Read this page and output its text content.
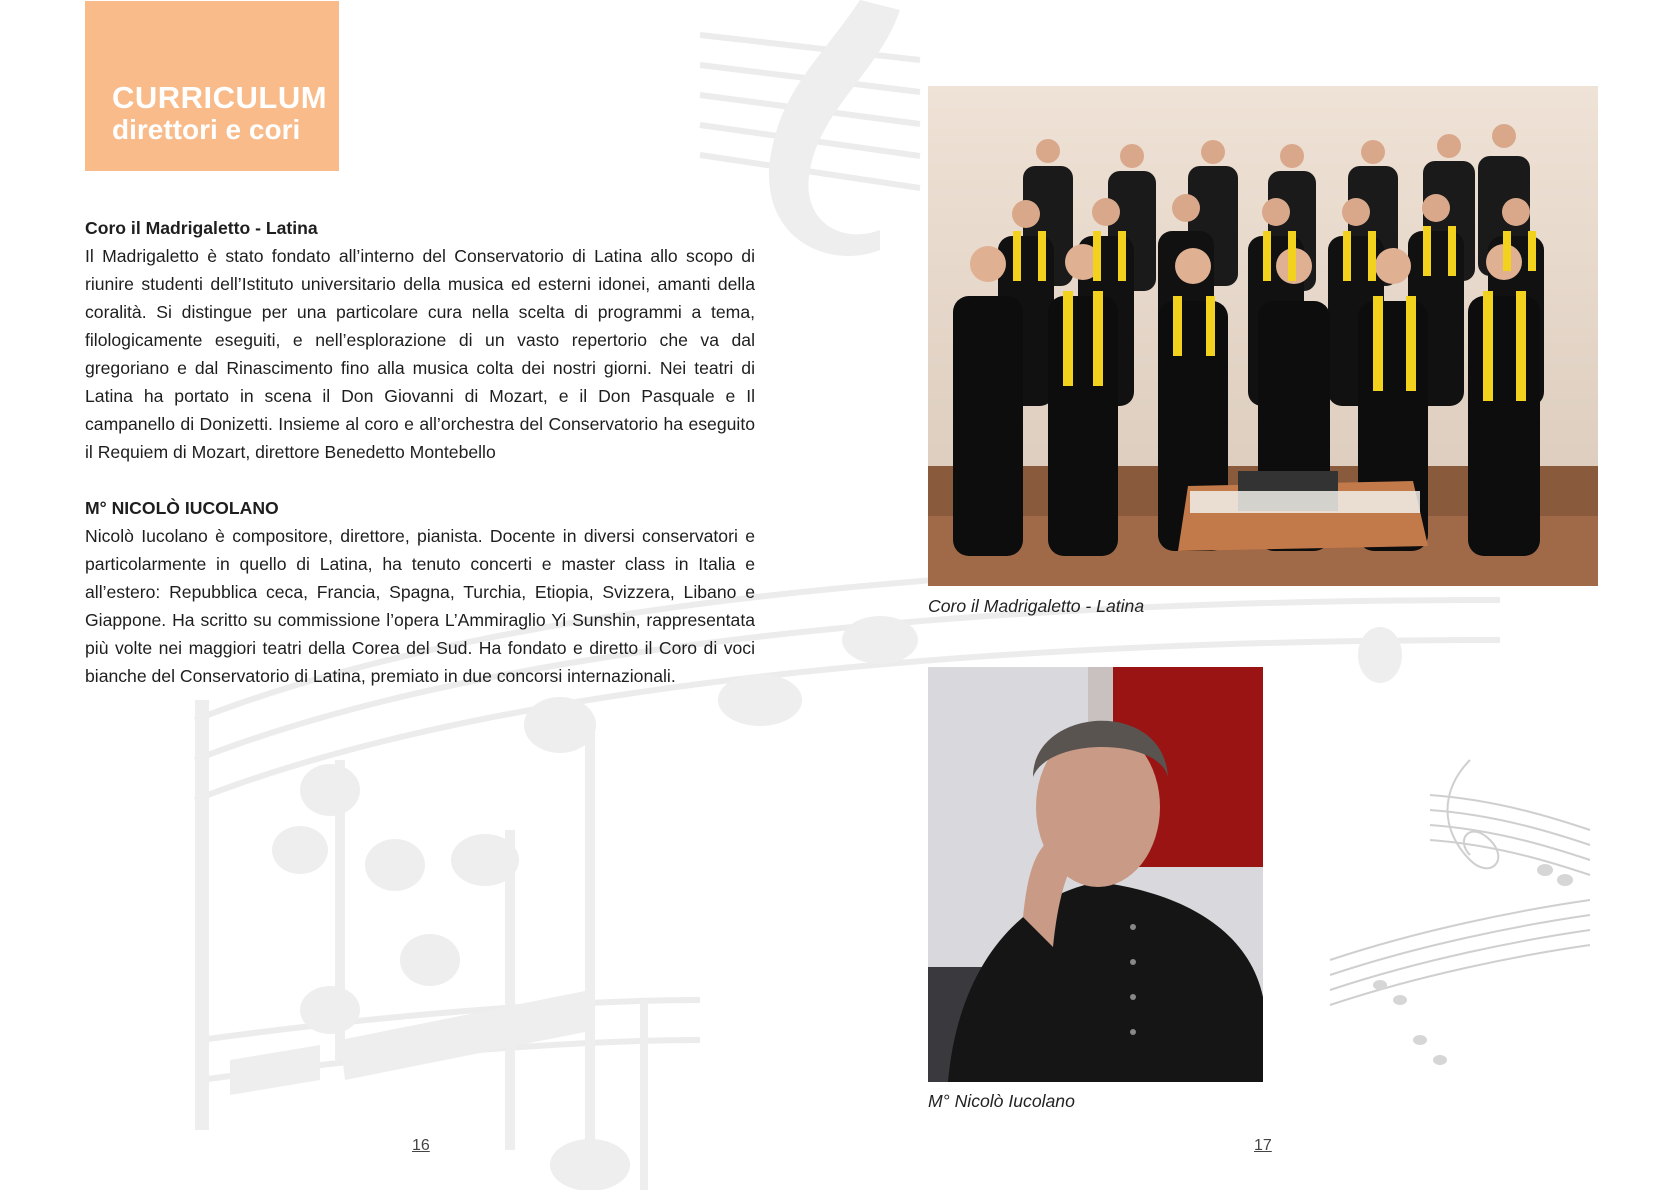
CURRICULUM
direttori e cori
Coro il Madrigaletto - Latina

Il Madrigaletto è stato fondato all’interno del Conservatorio di Latina allo scopo di riunire studenti dell’Istituto universitario della musica ed esterni idonei, amanti della coralità. Si distingue per una particolare cura nella scelta di programmi a tema, filologicamente eseguiti, e nell’esplorazione di un vasto repertorio che va dal gregoriano e dal Rinascimento fino alla musica colta dei nostri giorni. Nei teatri di Latina ha portato in scena il Don Giovanni di Mozart, e il Don Pasquale e Il campanello di Donizetti. Insieme al coro e all’orchestra del Conservatorio ha eseguito il Requiem di Mozart, direttore Benedetto Montebello

M° NICOLÒ IUCOLANO

Nicolò Iucolano è compositore, direttore, pianista. Docente in diversi conservatori e particolarmente in quello di Latina, ha tenuto concerti e master class in Italia e all’estero: Repubblica ceca, Francia, Spagna, Turchia, Etiopia, Svizzera, Libano e Giappone. Ha scritto su commissione l’opera L’Ammiraglio Yi Sunshin, rappresentata più volte nei maggiori teatri della Corea del Sud. Ha fondato e diretto il Coro di voci bianche del Conservatorio di Latina, premiato in due concorsi internazionali.

Coro il Madrigaletto - Latina
M° Nicolò Iucolano
16	17
